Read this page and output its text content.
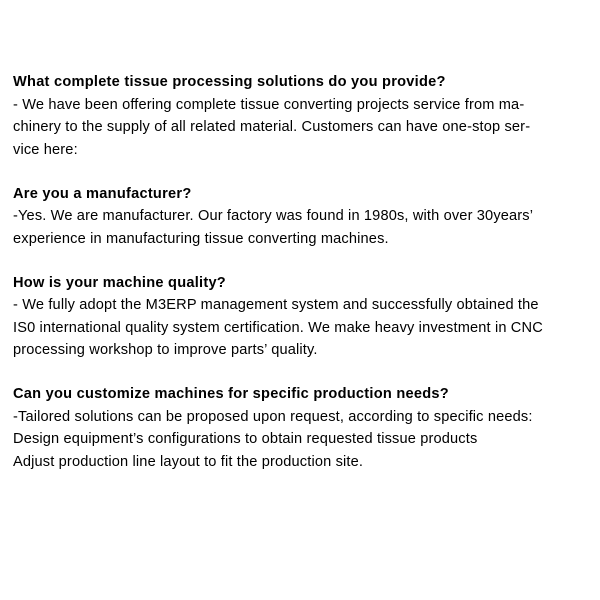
What complete tissue processing solutions do you provide?

- We have been offering complete tissue converting projects service from ma-
chinery to the supply of all related material. Customers can have one-stop ser-
vice here:

Are you a manufacturer?

-Yes. We are manufacturer. Our factory was found in 1980s, with over 30years’
experience in manufacturing tissue converting machines.

How is your machine quality?

- We fully adopt the M3ERP management system and successfully obtained the
IS0 international quality system certification. We make heavy investment in CNC
processing workshop to improve parts’ quality.

Can you customize machines for specific production needs?

-Tailored solutions can be proposed upon request, according to specific needs:
Design equipment’s configurations to obtain requested tissue products
Adjust production line layout to fit the production site.
